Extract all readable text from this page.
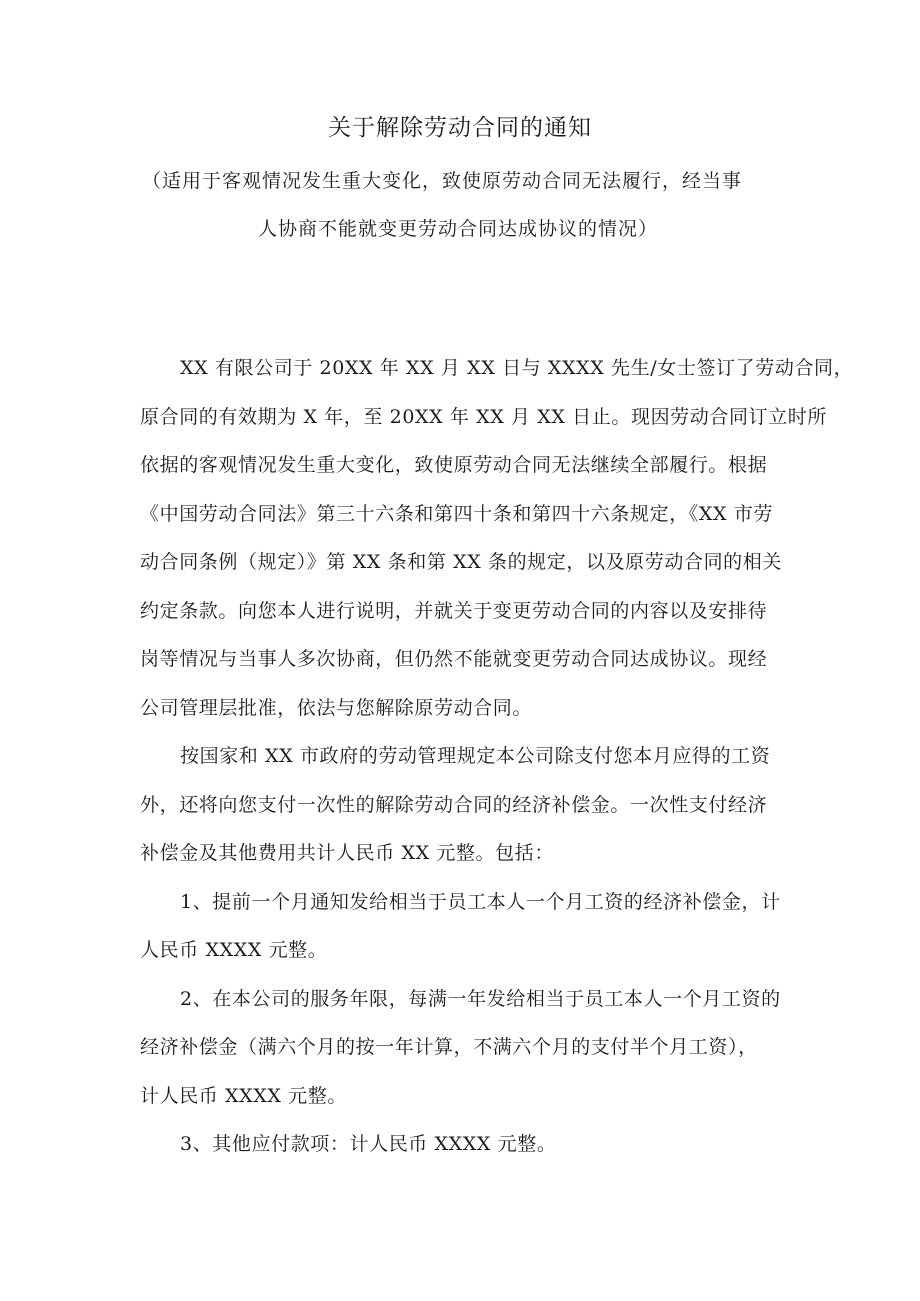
关于解除劳动合同的通知
（适用于客观情况发生重大变化，致使原劳动合同无法履行，经当事
人协商不能就变更劳动合同达成协议的情况）
XX 有限公司于 20XX 年 XX 月 XX 日与 XXXX 先生/女士签订了劳动合同，
原合同的有效期为 X 年，至 20XX 年 XX 月 XX 日止。现因劳动合同订立时所
依据的客观情况发生重大变化，致使原劳动合同无法继续全部履行。根据
《中国劳动合同法》第三十六条和第四十条和第四十六条规定，《XX 市劳
动合同条例（规定）》第 XX 条和第 XX 条的规定，以及原劳动合同的相关
约定条款。向您本人进行说明，并就关于变更劳动合同的内容以及安排待
岗等情况与当事人多次协商，但仍然不能就变更劳动合同达成协议。现经
公司管理层批准，依法与您解除原劳动合同。
按国家和 XX 市政府的劳动管理规定本公司除支付您本月应得的工资
外，还将向您支付一次性的解除劳动合同的经济补偿金。一次性支付经济
补偿金及其他费用共计人民币 XX 元整。包括：
1、提前一个月通知发给相当于员工本人一个月工资的经济补偿金，计
人民币 XXXX 元整。
2、在本公司的服务年限，每满一年发给相当于员工本人一个月工资的
经济补偿金（满六个月的按一年计算，不满六个月的支付半个月工资），
计人民币 XXXX 元整。
3、其他应付款项：计人民币 XXXX 元整。
